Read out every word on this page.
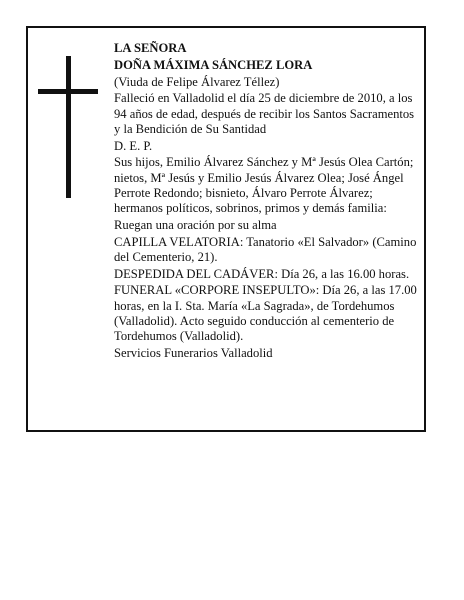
LA SEÑORA

DOÑA MÁXIMA SÁNCHEZ LORA

(Viuda de Felipe Álvarez Téllez)

Falleció en Valladolid el día 25 de diciembre de 2010, a los 94 años de edad, después de recibir los Santos Sacramentos y la Bendición de Su Santidad

D. E. P.

Sus hijos, Emilio Álvarez Sánchez y Mª Jesús Olea Cartón; nietos, Mª Jesús y Emilio Jesús Álvarez Olea; José Ángel Perrote Redondo; bisnieto, Álvaro Perrote Álvarez; hermanos políticos, sobrinos, primos y demás familia:

Ruegan una oración por su alma

CAPILLA VELATORIA: Tanatorio «El Salvador» (Camino del Cementerio, 21).

DESPEDIDA DEL CADÁVER: Día 26, a las 16.00 horas.

FUNERAL «CORPORE INSEPULTO»: Día 26, a las 17.00 horas, en la I. Sta. María «La Sagrada», de Tordehumos (Valladolid). Acto seguido conducción al cementerio de Tordehumos (Valladolid).

Servicios Funerarios Valladolid
